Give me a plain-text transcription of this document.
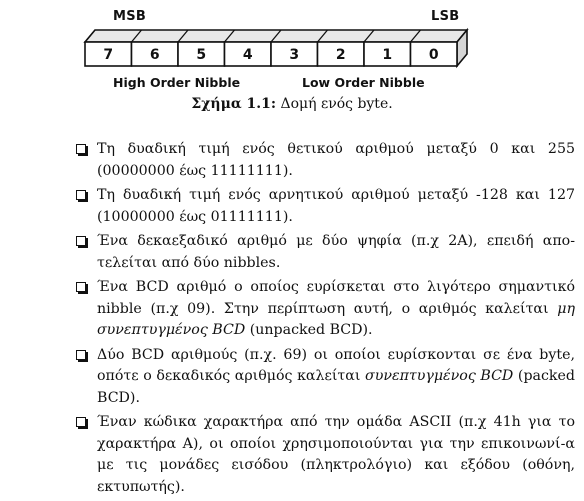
MSB	LSB
7	6	5	4	3	2	1	0
High Order Nibble	Low Order Nibble
Σχήμα 1.1: Δομή ενός byte.
Τη δυαδική τιμή ενός θετικού αριθμού μεταξύ 0 και 255 (00000000 έως 11111111).
Τη δυαδική τιμή ενός αρνητικού αριθμού μεταξύ -128 και 127 (10000000 έως 01111111).
Ένα δεκαεξαδικό αριθμό με δύο ψηφία (π.χ 2A), επειδή απο-τελείται από δύο nibbles.
Ένα BCD αριθμό ο οποίος ευρίσκεται στο λιγότερο σημαντικό nibble (π.χ 09). Στην περίπτωση αυτή, ο αριθμός καλείται μη συνεπτυγμένος BCD (unpacked BCD).
Δύο BCD αριθμούς (π.χ. 69) οι οποίοι ευρίσκονται σε ένα byte, οπότε ο δεκαδικός αριθμός καλείται συνεπτυγμένος BCD (packed BCD).
Έναν κώδικα χαρακτήρα από την ομάδα ASCII (π.χ 41h για το χαρακτήρα A), οι οποίοι χρησιμοποιούνται για την επικοινωνί-α με τις μονάδες εισόδου (πληκτρολόγιο) και εξόδου (οθόνη, εκτυπωτής).
